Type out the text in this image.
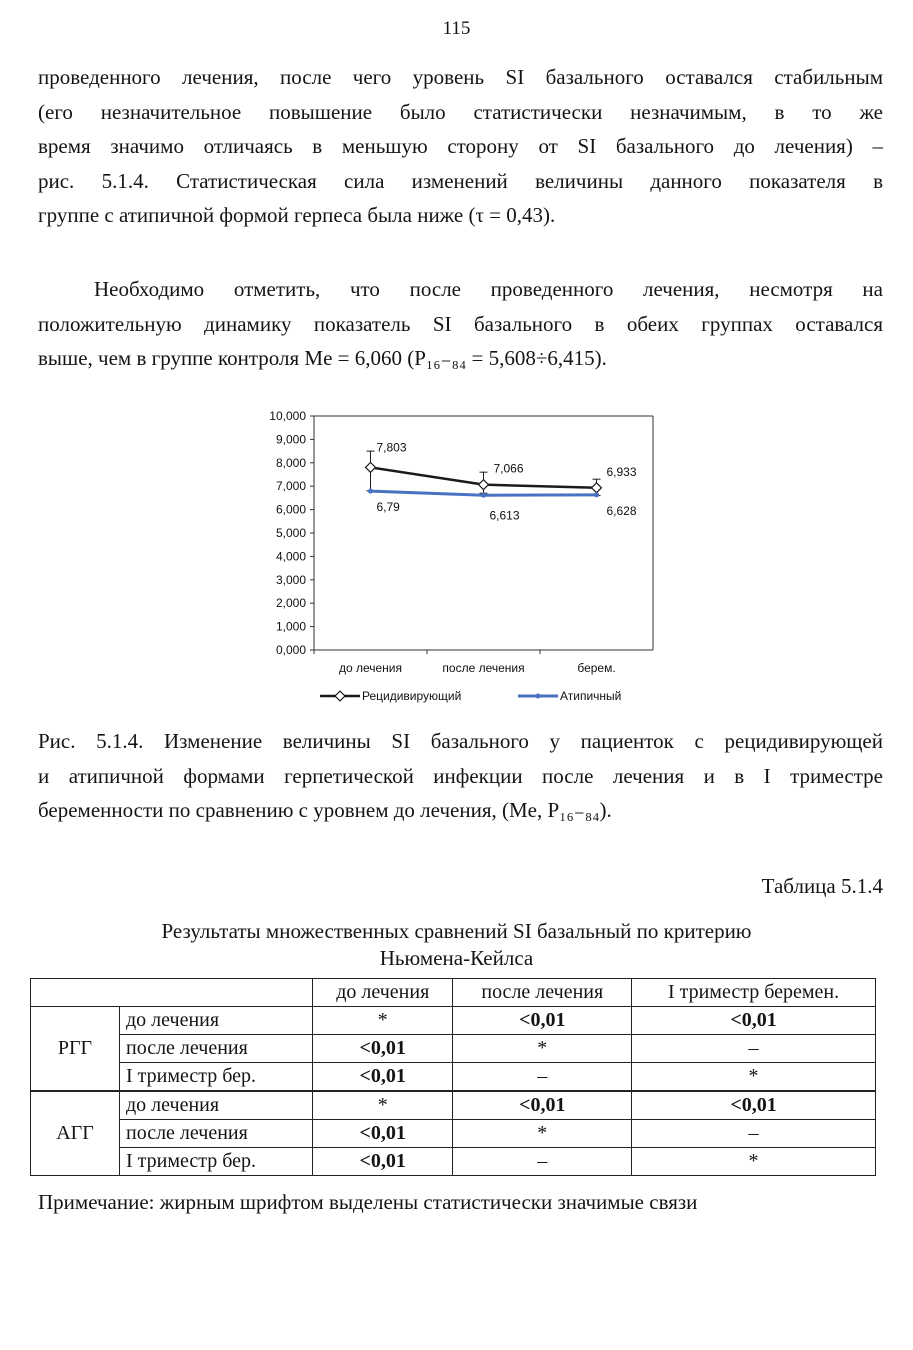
115

проведенного лечения, после чего уровень SI базального оставался стабильным
(его незначительное повышение было статистически незначимым, в то же
время значимо отличаясь в меньшую сторону от SI базального до лечения) –
рис. 5.1.4. Статистическая сила изменений величины данного показателя в
группе с атипичной формой герпеса была ниже (τ = 0,43).

Необходимо отметить, что после проведенного лечения, несмотря на
положительную динамику показатель SI базального в обеих группах оставался
выше, чем в группе контроля Me = 6,060 (P₁₆₋₈₄ = 5,608÷6,415).

0,000
1,000
2,000
3,000
4,000
5,000
6,000
7,000
8,000
9,000
10,000
до лечения	после лечения	берем.
7,803
7,066	6,933
6,79
6,613	6,628
Рецидивирующий	Атипичный

Рис. 5.1.4. Изменение величины SI базального у пациенток с рецидивирующей
и атипичной формами герпетической инфекции после лечения и в I триместре
беременности по сравнению с уровнем до лечения, (Me, P₁₆₋₈₄).

Таблица 5.1.4
Результаты множественных сравнений SI базальный по критерию
Ньюмена-Кейлса
		до лечения	после лечения	I триместр беремен.
РГГ	до лечения	*	<0,01	<0,01
	после лечения	<0,01	*	–
	I триместр бер.	<0,01	–	*
АГГ	до лечения	*	<0,01	<0,01
	после лечения	<0,01	*	–
	I триместр бер.	<0,01	–	*
Примечание: жирным шрифтом выделены статистически значимые связи
